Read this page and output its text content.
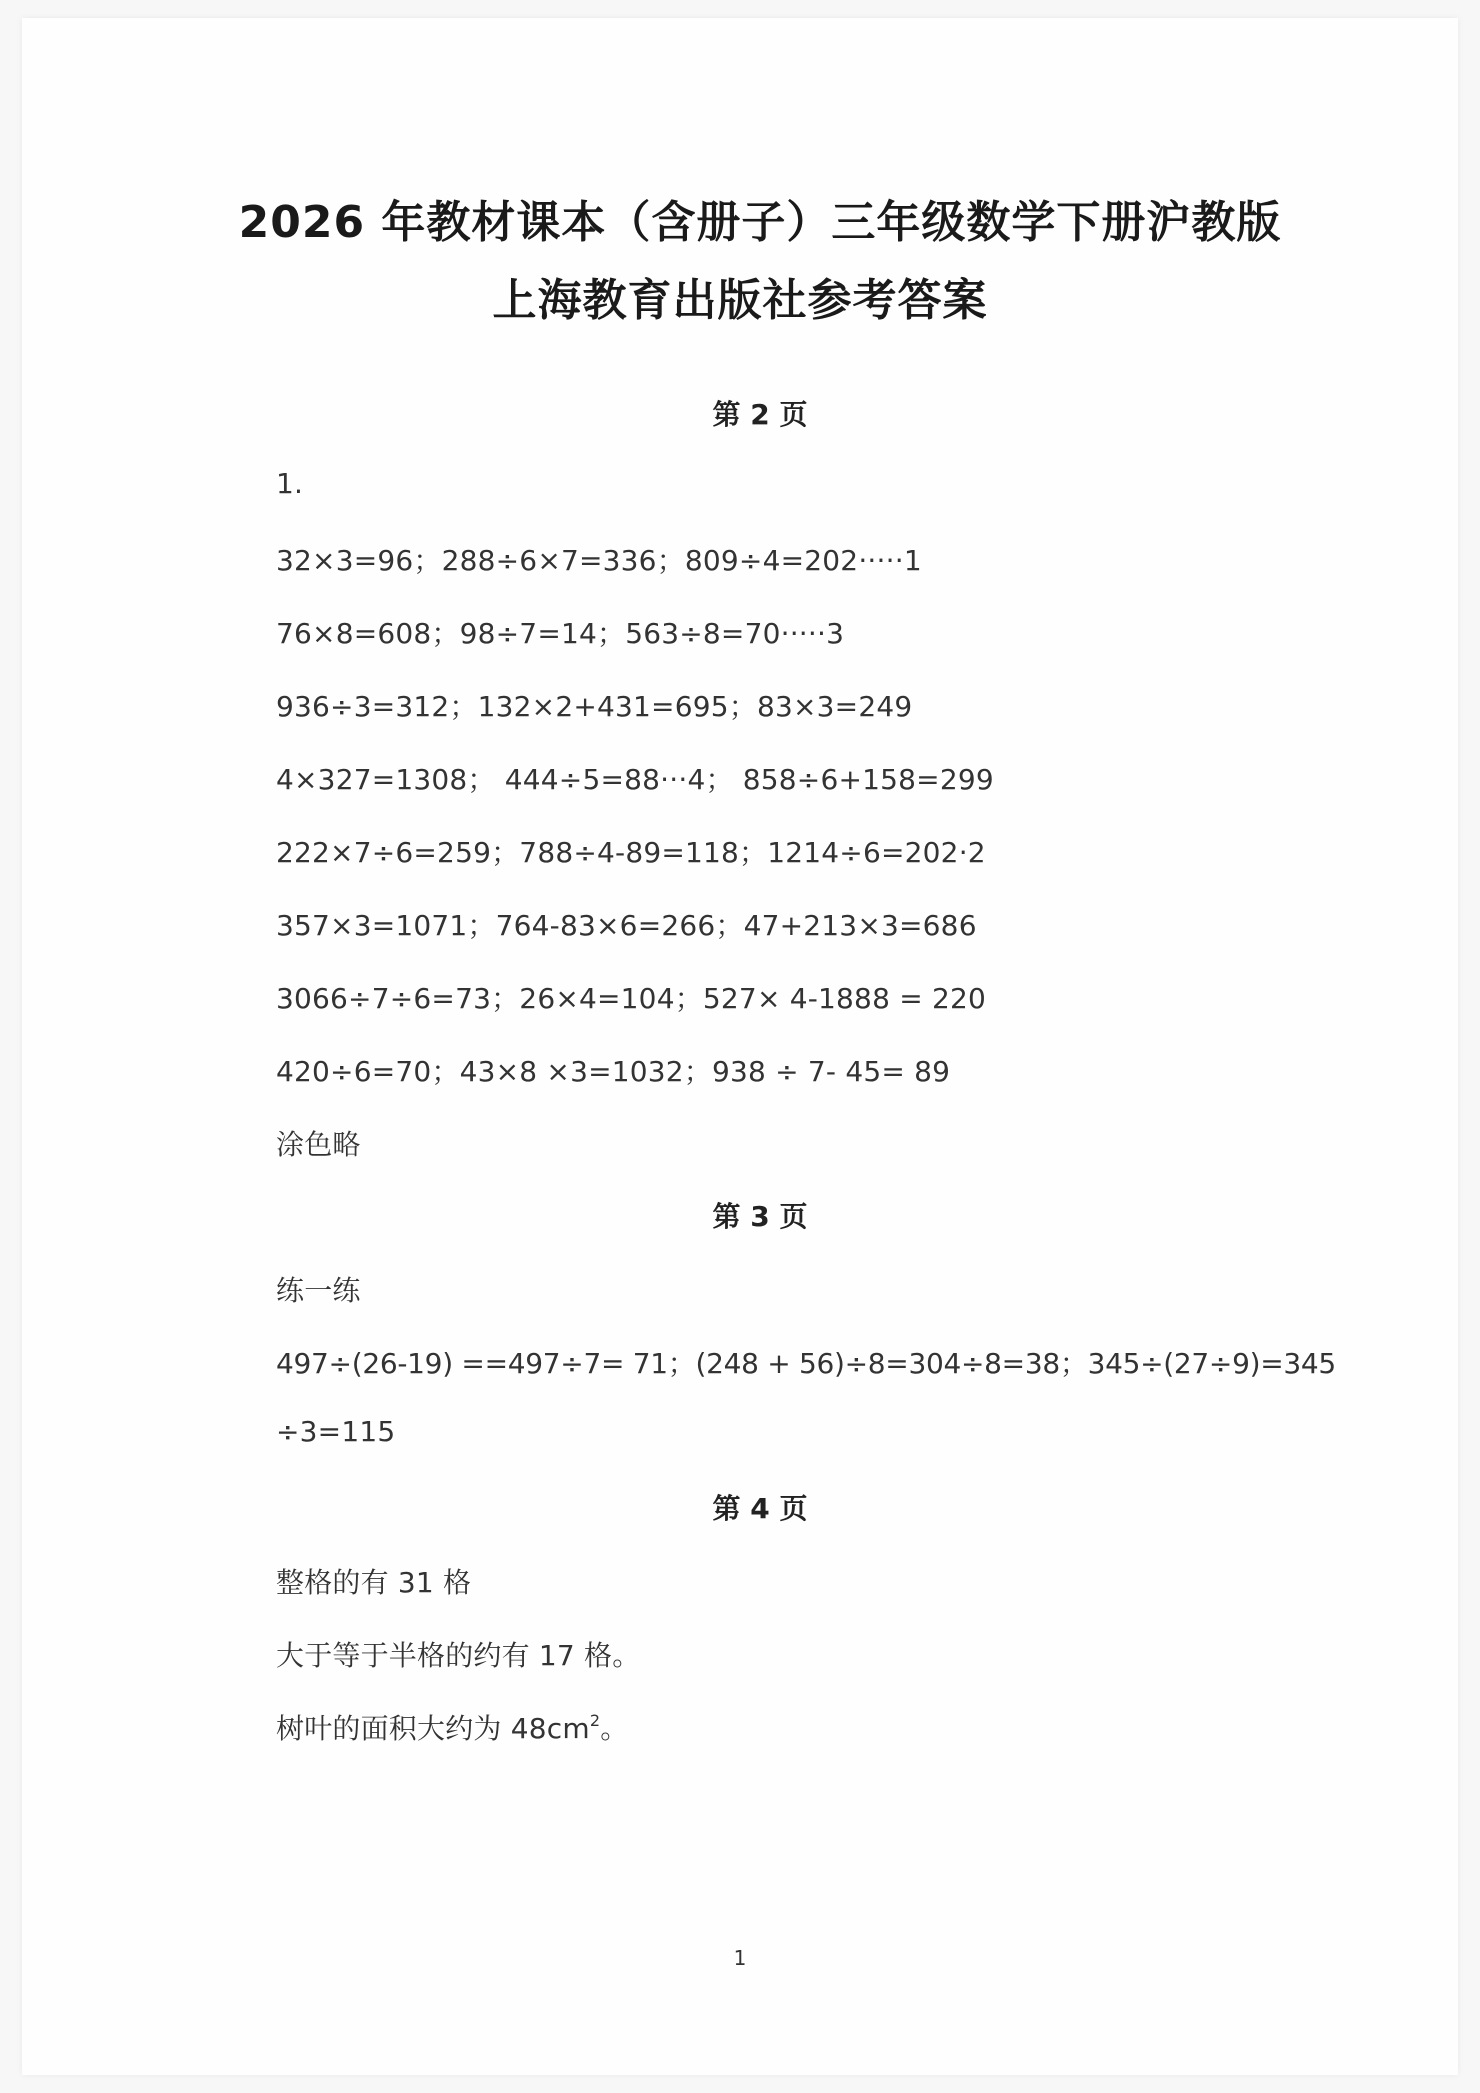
2026 年教材课本（含册子）三年级数学下册沪教版
上海教育出版社参考答案
第 2 页
1.
32×3=96；288÷6×7=336；809÷4=202·····1
76×8=608；98÷7=14；563÷8=70·····3
936÷3=312；132×2+431=695；83×3=249
4×327=1308； 444÷5=88···4； 858÷6+158=299
222×7÷6=259；788÷4-89=118；1214÷6=202·2
357×3=1071；764-83×6=266；47+213×3=686
3066÷7÷6=73；26×4=104；527× 4-1888 = 220
420÷6=70；43×8 ×3=1032；938 ÷ 7- 45= 89
涂色略
第 3 页
练一练
497÷(26-19) ==497÷7= 71；(248 + 56)÷8=304÷8=38；345÷(27÷9)=345
÷3=115
第 4 页
整格的有 31 格
大于等于半格的约有 17 格。
树叶的面积大约为 $48cm^2$。
1
